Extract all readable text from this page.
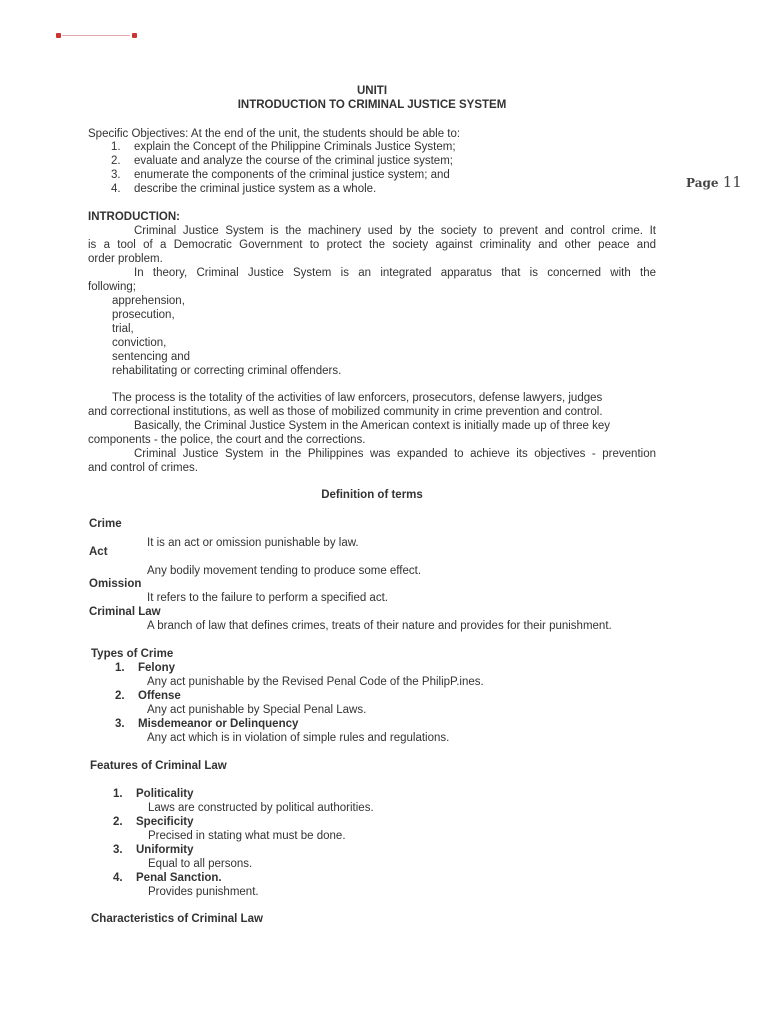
Page 11
UNITI
INTRODUCTION TO CRIMINAL JUSTICE SYSTEM
Specific Objectives: At the end of the unit, the students should be able to:
1. explain the Concept of the Philippine Criminals Justice System;
2. evaluate and analyze the course of the criminal justice system;
3. enumerate the components of the criminal justice system; and
4. describe the criminal justice system as a whole.
INTRODUCTION:
Criminal Justice System is the machinery used by the society to prevent and control crime. It
is a tool of a Democratic Government to protect the society against criminality and other peace and
order problem.
In theory, Criminal Justice System is an integrated apparatus that is concerned with the
following;
apprehension,
prosecution,
trial,
conviction,
sentencing and
rehabilitating or correcting criminal offenders.
The process is the totality of the activities of law enforcers, prosecutors, defense lawyers, judges
and correctional institutions, as well as those of mobilized community in crime prevention and control.
Basically, the Criminal Justice System in the American context is initially made up of three key
components - the police, the court and the corrections.
Criminal Justice System in the Philippines was expanded to achieve its objectives - prevention
and control of crimes.
Definition of terms
Crime
It is an act or omission punishable by law.
Act
Any bodily movement tending to produce some effect.
Omission
It refers to the failure to perform a specified act.
Criminal Law
A branch of law that defines crimes, treats of their nature and provides for their punishment.
Types of Crime
1. Felony
Any act punishable by the Revised Penal Code of the PhilipP.ines.
2. Offense
Any act punishable by Special Penal Laws.
3. Misdemeanor or Delinquency
Any act which is in violation of simple rules and regulations.
Features of Criminal Law
1. Politicality
Laws are constructed by political authorities.
2. Specificity
Precised in stating what must be done.
3. Uniformity
Equal to all persons.
4. Penal Sanction.
Provides punishment.
Characteristics of Criminal Law
